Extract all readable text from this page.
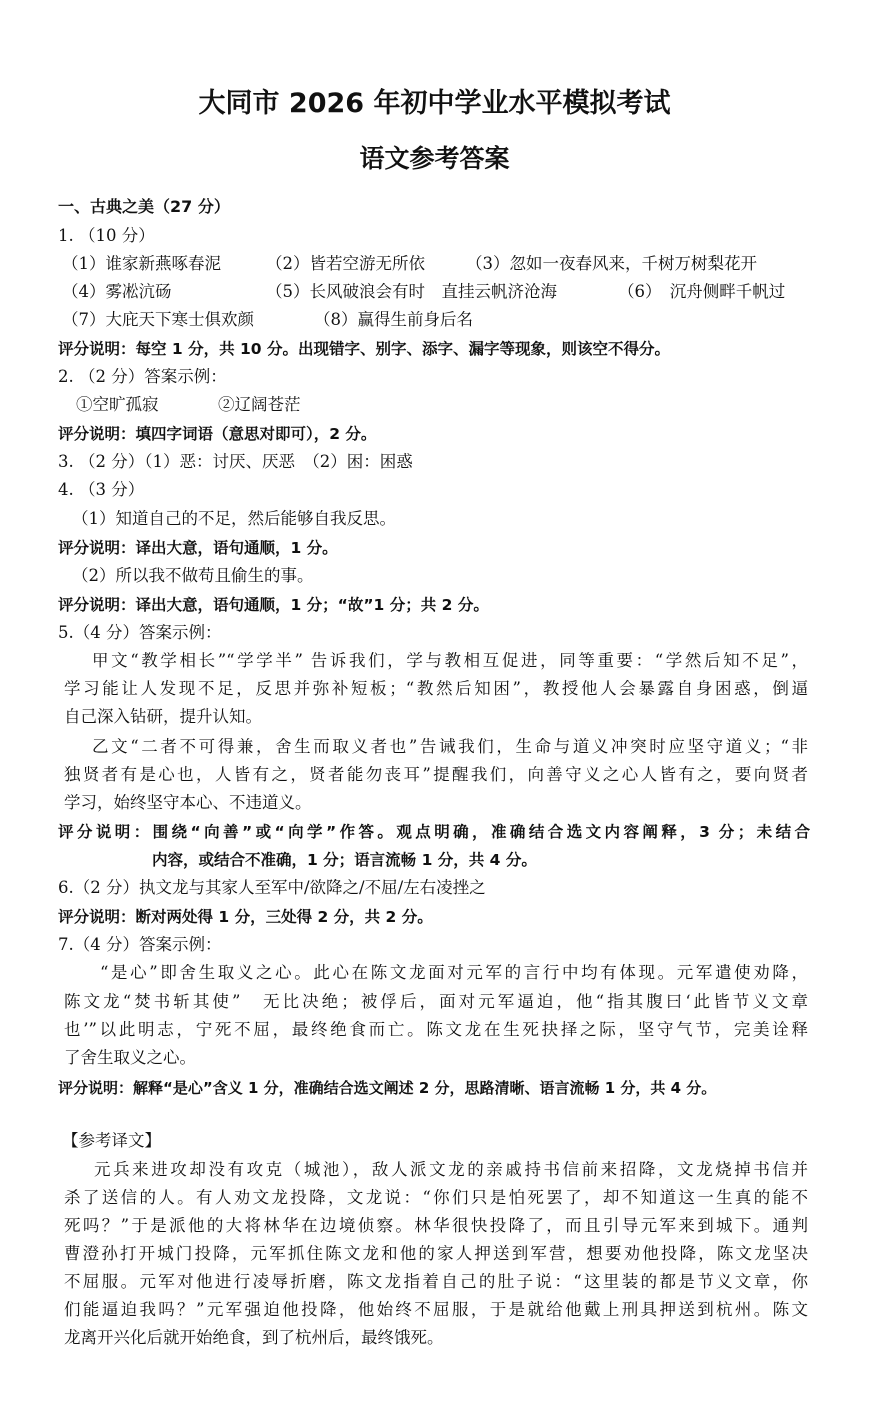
大同市 2026 年初中学业水平模拟考试
语文参考答案
一、古典之美（27 分）
1. （10 分）
（1）谁家新燕啄春泥	（2）皆若空游无所依 （3）忽如一夜春风来，千树万树梨花开
（4）雾凇沆砀	（5）长风破浪会有时　直挂云帆济沧海	（6）　沉舟侧畔千帆过
（7）大庇天下寒士俱欢颜	（8）赢得生前身后名
评分说明：每空 1 分，共 10 分。出现错字、别字、添字、漏字等现象，则该空不得分。
2. （2 分）答案示例：
①空旷孤寂	②辽阔苍茫
评分说明：填四字词语（意思对即可），2 分。
3. （2 分）（1）恶：讨厌、厌恶　（2）困：困惑
4. （3 分）
（1）知道自己的不足，然后能够自我反思。
评分说明：译出大意，语句通顺，1 分。
（2）所以我不做苟且偷生的事。
评分说明：译出大意，语句通顺，1 分；“故”1 分；共 2 分。
5.（4 分）答案示例：
甲文“教学相长”“学学半” 告诉我们，学与教相互促进，同等重要：“学然后知不足”，
学习能让人发现不足，反思并弥补短板；“教然后知困”，教授他人会暴露自身困惑，倒逼
自己深入钻研，提升认知。
乙文“二者不可得兼，舍生而取义者也”告诫我们，生命与道义冲突时应坚守道义；“非
独贤者有是心也，人皆有之，贤者能勿丧耳”提醒我们，向善守义之心人皆有之，要向贤者
学习，始终坚守本心、不违道义。
评分说明：围绕“向善”或“向学”作答。观点明确，准确结合选文内容阐释，3 分；未结合
内容，或结合不准确，1 分；语言流畅 1 分，共 4 分。
6.（2 分）执文龙与其家人至军中/欲降之/不屈/左右凌挫之
评分说明：断对两处得 1 分，三处得 2 分，共 2 分。
7.（4 分）答案示例：
“是心”即舍生取义之心。此心在陈文龙面对元军的言行中均有体现。元军遣使劝降，
陈文龙“焚书斩其使”　无比决绝；被俘后，面对元军逼迫，他“指其腹曰‘此皆节义文章
也’”以此明志，宁死不屈，最终绝食而亡。陈文龙在生死抉择之际，坚守气节，完美诠释
了舍生取义之心。
评分说明：解释“是心”含义 1 分，准确结合选文阐述 2 分，思路清晰、语言流畅 1 分，共 4 分。
【参考译文】
元兵来进攻却没有攻克（城池），敌人派文龙的亲戚持书信前来招降，文龙烧掉书信并
杀了送信的人。有人劝文龙投降，文龙说：“你们只是怕死罢了，却不知道这一生真的能不
死吗？”于是派他的大将林华在边境侦察。林华很快投降了，而且引导元军来到城下。通判
曹澄孙打开城门投降，元军抓住陈文龙和他的家人押送到军营，想要劝他投降，陈文龙坚决
不屈服。元军对他进行凌辱折磨，陈文龙指着自己的肚子说：“这里装的都是节义文章，你
们能逼迫我吗？”元军强迫他投降，他始终不屈服，于是就给他戴上刑具押送到杭州。陈文
龙离开兴化后就开始绝食，到了杭州后，最终饿死。
